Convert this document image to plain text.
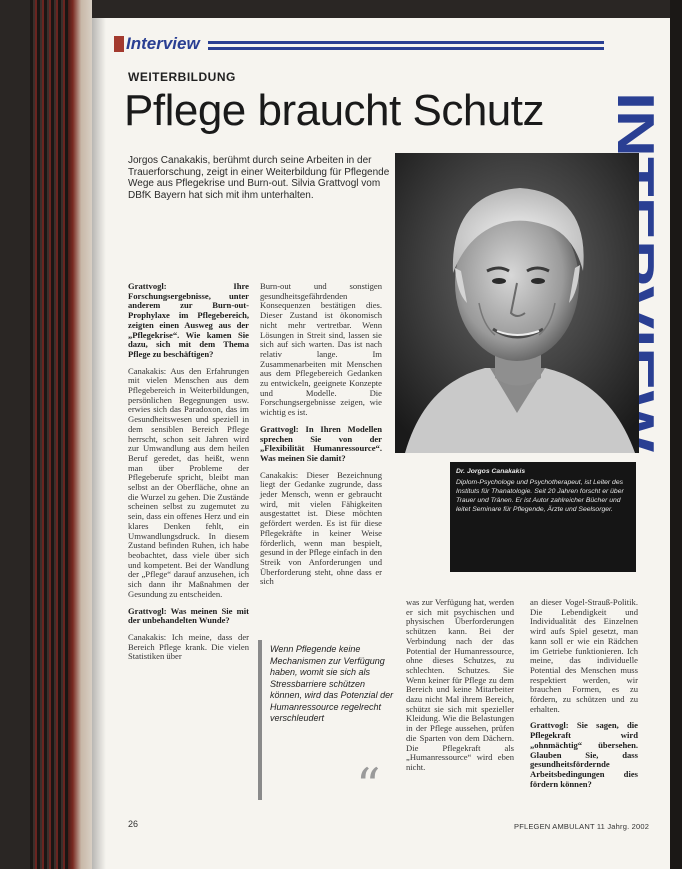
Interview
WEITERBILDUNG
Pflege braucht Schutz
Jorgos Canakakis, berühmt durch seine Arbeiten in der Trauerforschung, zeigt in einer Weiterbildung für Pflegende Wege aus Pflegekrise und Burn-out. Silvia Grattvogl vom DBfK Bayern hat sich mit ihm unterhalten.
Dr. Jorgos Canakakis
Diplom-Psychologe und Psychotherapeut, ist Leiter des Instituts für Thanatologie. Seit 20 Jahren forscht er über Trauer und Tränen. Er ist Autor zahlreicher Bücher und leitet Seminare für Pflegende, Ärzte und Seelsorger.

Grattvogl: Ihre Forschungsergebnisse, unter anderem zur Burn-out-Prophylaxe im Pflegebereich, zeigten einen Ausweg aus der „Pflegekrise“. Wie kamen Sie dazu, sich mit dem Thema Pflege zu beschäftigen?

Canakakis: Aus den Erfahrungen mit vielen Menschen aus dem Pflegebereich in Weiterbildungen, persönlichen Begegnungen usw. erwies sich das Paradoxon, das im Gesundheitswesen und speziell in dem sensiblen Bereich Pflege herrscht, schon seit Jahren wird zur Umwandlung aus dem heilen Beruf geredet, das heißt, wenn man über Probleme der Pflegeberufe spricht, bleibt man selbst an der Oberfläche, ohne an die Wurzel zu gehen. Die Zustände scheinen selbst zu zugemutet zu sein, dass ein offenes Herz und ein klares Denken fehlt, ein Umwandlungsdruck. In diesem Zustand befinden Ruhen, ich habe beobachtet, dass viele über sich und kompetent. Bei der Wandlung der „Pflege“ darauf anzusehen, ich sich dann ihr Maßnahmen der Gesundung zu entscheiden.

Grattvogl: Was meinen Sie mit der unbehandelten Wunde?

Canakakis: Ich meine, dass der Bereich Pflege krank. Die vielen Statistiken über

Burn-out und sonstigen gesundheitsgefährdenden Konsequenzen bestätigen dies. Dieser Zustand ist ökonomisch nicht mehr vertretbar. Wenn Lösungen in Streit sind, lassen sie sich auf sich warten. Das ist nach relativ lange. Im Zusammenarbeiten mit Menschen aus dem Pflegebereich Gedanken zu entwickeln, geeignete Konzepte und Modelle. Die Forschungsergebnisse zeigen, wie wichtig es ist.

Grattvogl: In Ihren Modellen sprechen Sie von der „Flexibilität Humanressource“. Was meinen Sie damit?

Canakakis: Dieser Bezeichnung liegt der Gedanke zugrunde, dass jeder Mensch, wenn er gebraucht wird, mit vielen Fähigkeiten ausgestattet ist. Diese möchten gefördert werden. Es ist für diese Pflegekräfte in keiner Weise förderlich, wenn man bespielt, gesund in der Pflege einfach in den Streik von Anforderungen und Überforderung steht, ohne dass er sich

Wenn Pflegende keine Mechanismen zur Verfügung haben, womit sie sich als Stressbarriere schützen können, wird das Potenzial der Humanressource regelrecht verschleudert
“

was zur Verfügung hat, werden er sich mit psychischen und physischen Überforderungen schützen kann. Bei der Verbindung nach der das Potential der Humanressource, ohne dieses Schutzes, zu schlechten. Schutzes. Sie Wenn keiner für Pflege zu dem Bereich und keine Mitarbeiter dazu nicht Mal ihrem Bereich, schützt sie sich mit spezieller Kleidung. Wie die Belastungen in der Pflege aussehen, prüfen die Sparten von dem Dächern. Die Pflegekraft als „Humanressource“ wird eben nicht.

an dieser Vogel-Strauß-Politik. Die Lebendigkeit und Individualität des Einzelnen wird aufs Spiel gesetzt, man kann soll er wie ein Rädchen im Getriebe funktionieren. Ich meine, das individuelle Potential des Menschen muss respektiert werden, wir brauchen Formen, es zu fördern, zu schützen und zu erhalten.

Grattvogl: Sie sagen, die Pflegekraft wird „ohnmächtig“ übersehen. Glauben Sie, dass gesundheitsfördernde Arbeitsbedingungen dies fördern können?

26	PFLEGEN AMBULANT 11 Jahrg. 2002
